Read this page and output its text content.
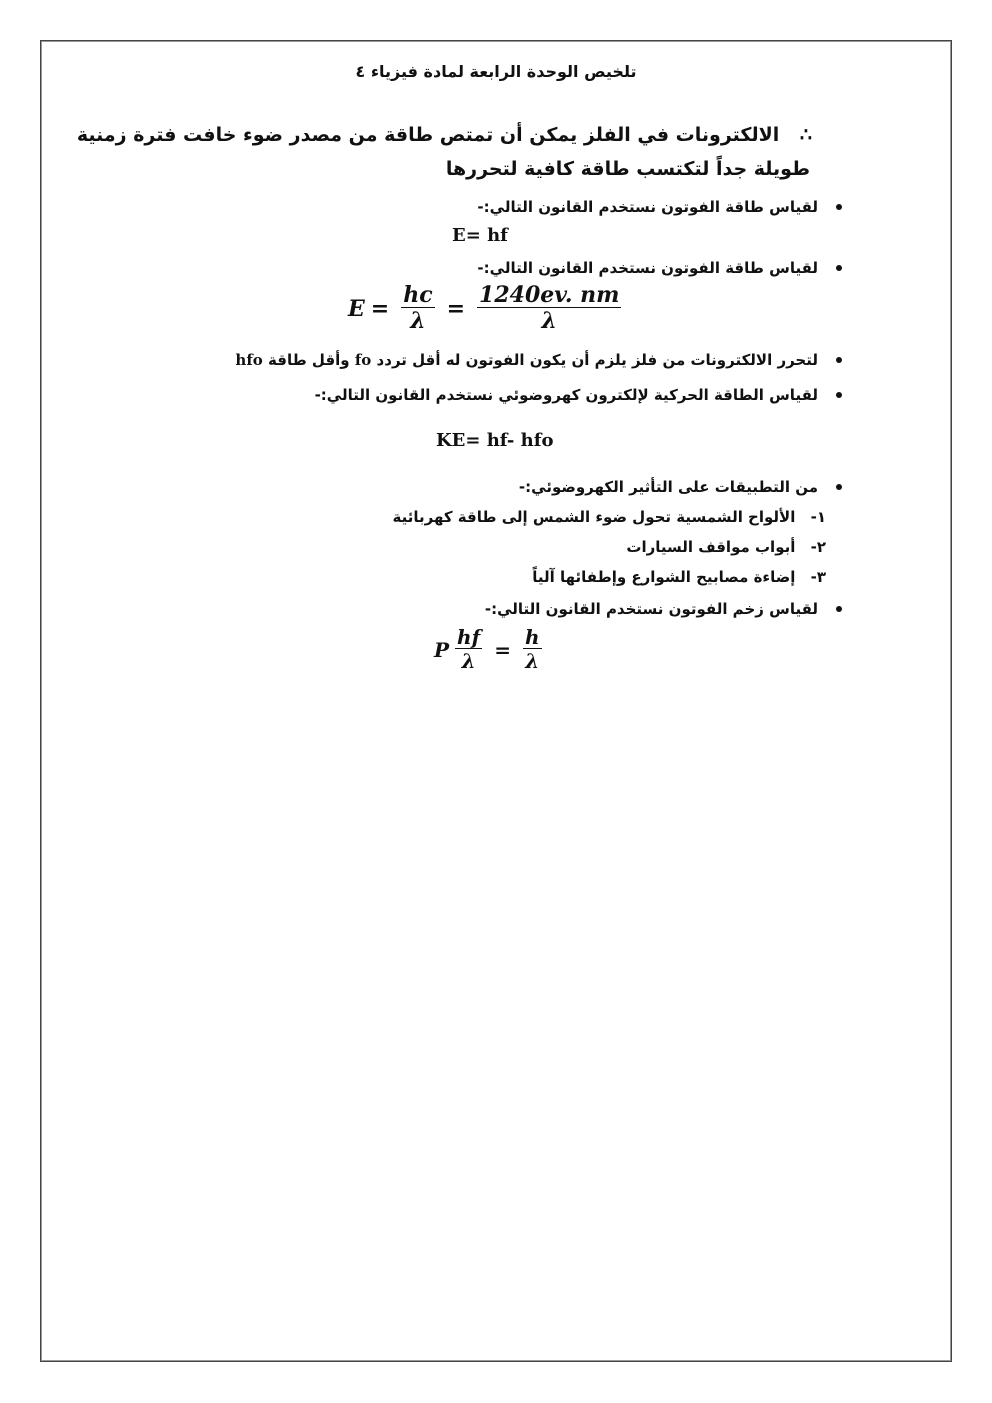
تلخيص الوحدة الرابعة لمادة فيزياء ٤
∴ الالكترونات في الفلز يمكن أن تمتص طاقة من مصدر ضوء خافت فترة زمنية
طويلة جداً لتكتسب طاقة كافية لتحررها
لقياس طاقة الفوتون نستخدم القانون التالي:-
E= hf
لقياس طاقة الفوتون نستخدم القانون التالي:-
$E = \frac{hc}{\lambda} = \frac{1240ev. nm}{\lambda}$
لتحرر الالكترونات من فلز يلزم أن يكون الفوتون له أقل تردد

fo

وأقل طاقة

hfo
لقياس الطاقة الحركية لإلكترون كهروضوئي نستخدم القانون التالي:-
KE= hf- hfo
من التطبيقات على التأثير الكهروضوئي:-
١- الألواح الشمسية تحول ضوء الشمس إلى طاقة كهربائية
٢- أبواب مواقف السيارات
٣- إضاءة مصابيح الشوارع وإطفائها آلياً
لقياس زخم الفوتون نستخدم القانون التالي:-
P $\frac{hf}{\lambda} = \frac{h}{\lambda}$
